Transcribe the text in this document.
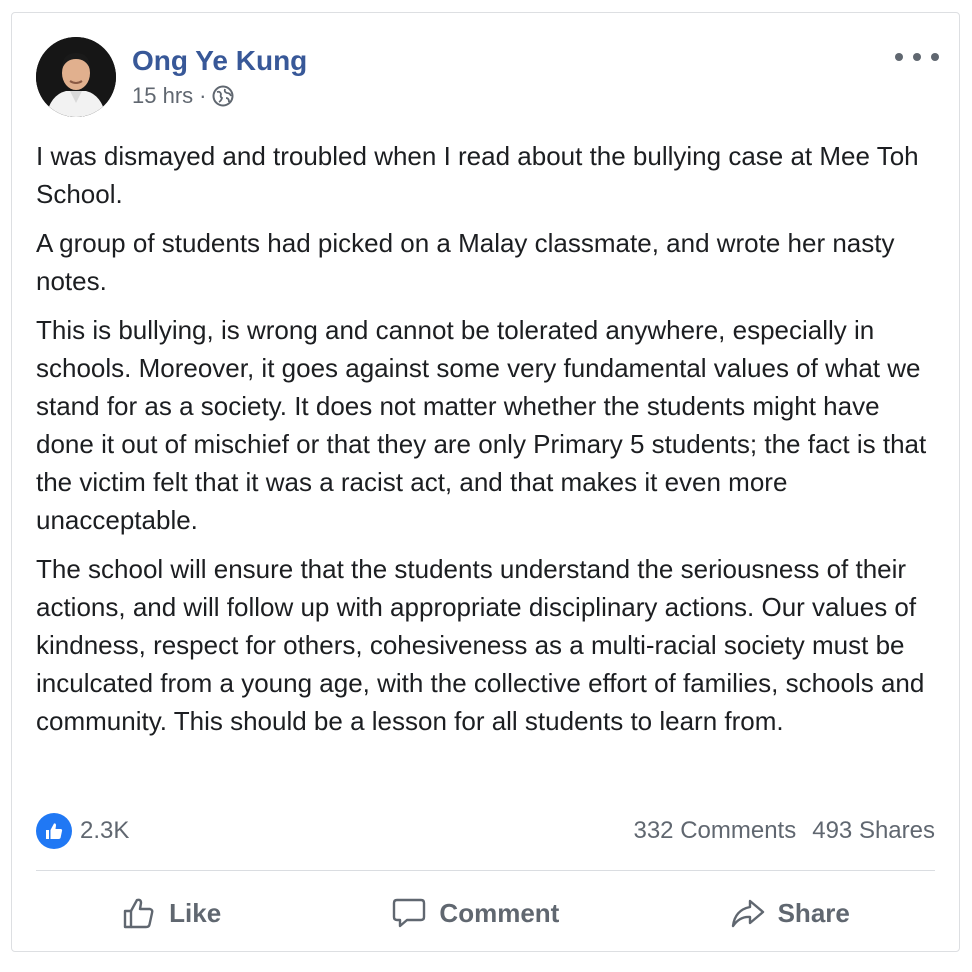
Ong Ye Kung
15 hrs ·

I was dismayed and troubled when I read about the bullying case at Mee Toh School.

A group of students had picked on a Malay classmate, and wrote her nasty notes.

This is bullying, is wrong and cannot be tolerated anywhere, especially in schools. Moreover, it goes against some very fundamental values of what we stand for as a society. It does not matter whether the students might have done it out of mischief or that they are only Primary 5 students; the fact is that the victim felt that it was a racist act, and that makes it even more unacceptable.

The school will ensure that the students understand the seriousness of their actions, and will follow up with appropriate disciplinary actions. Our values of kindness, respect for others, cohesiveness as a multi-racial society must be inculcated from a young age, with the collective effort of families, schools and community. This should be a lesson for all students to learn from.

2.3K	332 Comments 493 Shares
Like	Comment	Share
